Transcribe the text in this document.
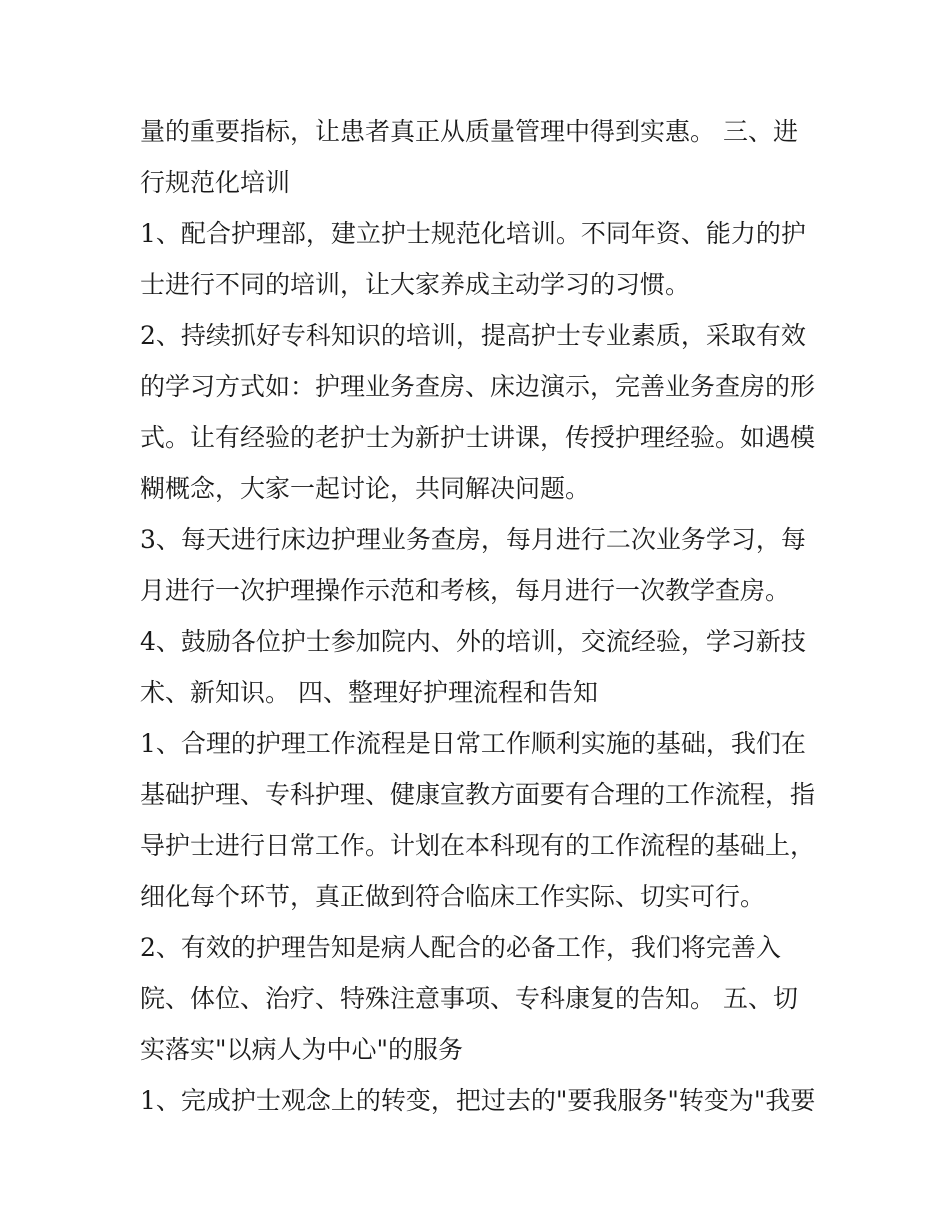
量的重要指标，让患者真正从质量管理中得到实惠。 三、进
行规范化培训
1、配合护理部，建立护士规范化培训。不同年资、能力的护
士进行不同的培训，让大家养成主动学习的习惯。
2、持续抓好专科知识的培训，提高护士专业素质，采取有效
的学习方式如：护理业务查房、床边演示，完善业务查房的形
式。让有经验的老护士为新护士讲课，传授护理经验。如遇模
糊概念，大家一起讨论，共同解决问题。
3、每天进行床边护理业务查房，每月进行二次业务学习，每
月进行一次护理操作示范和考核，每月进行一次教学查房。
4、鼓励各位护士参加院内、外的培训，交流经验，学习新技
术、新知识。 四、整理好护理流程和告知
1、合理的护理工作流程是日常工作顺利实施的基础，我们在
基础护理、专科护理、健康宣教方面要有合理的工作流程，指
导护士进行日常工作。计划在本科现有的工作流程的基础上，
细化每个环节，真正做到符合临床工作实际、切实可行。
2、有效的护理告知是病人配合的必备工作，我们将完善入
院、体位、治疗、特殊注意事项、专科康复的告知。 五、切
实落实"以病人为中心"的服务
1、完成护士观念上的转变，把过去的"要我服务"转变为"我要
